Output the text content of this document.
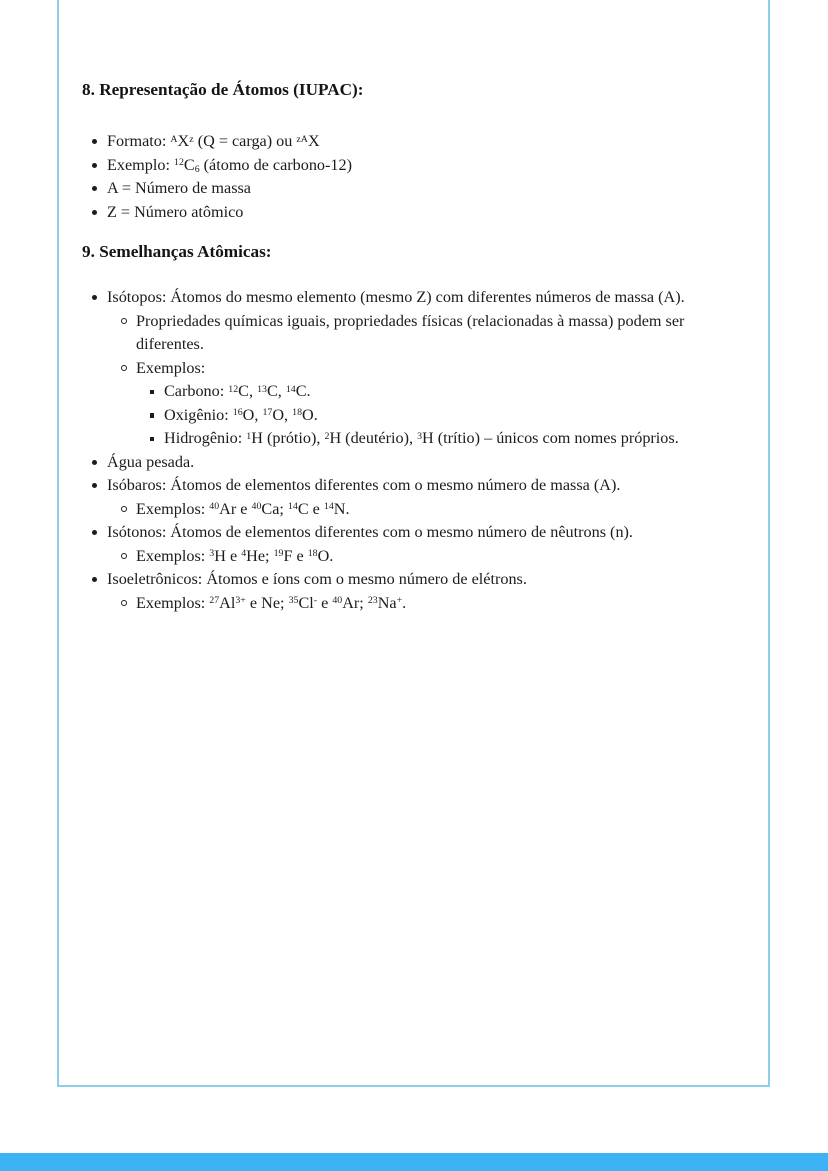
8. Representação de Átomos (IUPAC):
Formato: $^AX^z$ (Q = carga) ou $^{zA}$X
Exemplo: $^{12}C_6$ (átomo de carbono-12)
A = Número de massa
Z = Número atômico
9. Semelhanças Atômicas:
Isótopos: Átomos do mesmo elemento (mesmo Z) com diferentes números de massa (A).
Propriedades químicas iguais, propriedades físicas (relacionadas à massa) podem ser diferentes.
Exemplos:
Carbono: $^{12}$C, $^{13}$C, $^{14}$C.
Oxigênio: $^{16}$O, $^{17}$O, $^{18}$O.
Hidrogênio: $^1$H (prótio), $^2$H (deutério), $^3$H (trítio) – únicos com nomes próprios.
Água pesada.
Isóbaros: Átomos de elementos diferentes com o mesmo número de massa (A).
Exemplos: $^{40}$Ar e $^{40}$Ca; $^{14}$C e $^{14}$N.
Isótonos: Átomos de elementos diferentes com o mesmo número de nêutrons (n).
Exemplos: $^3$H e $^4$He; $^{19}$F e $^{18}$O.
Isoeletrônicos: Átomos e íons com o mesmo número de elétrons.
Exemplos: $^{27}Al^{3+}$ e Ne; $^{35}$Cl- e $^{40}$Ar; $^{23}$Na+.
